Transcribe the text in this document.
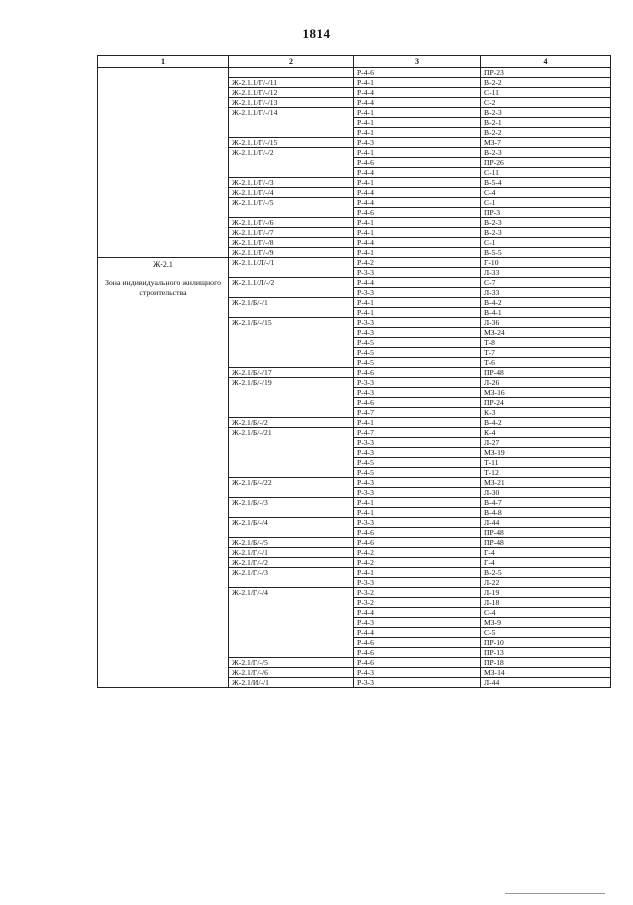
1814
1	2	3	4
		Р-4-6	ПР-23
	Ж-2.1.1/Г/-/11	Р-4-1	В-2-2
	Ж-2.1.1/Г/-/12	Р-4-4	С-11
	Ж-2.1.1/Г/-/13	Р-4-4	С-2
	Ж-2.1.1/Г/-/14	Р-4-1	В-2-3
		Р-4-1	В-2-1
		Р-4-1	В-2-2
	Ж-2.1.1/Г/-/15	Р-4-3	МЗ-7
	Ж-2.1.1/Г/-/2	Р-4-1	В-2-3
		Р-4-6	ПР-26
		Р-4-4	С-11
	Ж-2.1.1/Г/-/3	Р-4-1	В-5-4
	Ж-2.1.1/Г/-/4	Р-4-4	С-4
	Ж-2.1.1/Г/-/5	Р-4-4	С-1
		Р-4-6	ПР-3
	Ж-2.1.1/Г/-/6	Р-4-1	В-2-3
	Ж-2.1.1/Г/-/7	Р-4-1	В-2-3
	Ж-2.1.1/Г/-/8	Р-4-4	С-1
	Ж-2.1.1/Г/-/9	Р-4-1	В-5-5

Ж-2.1
Зона индивидуального жилищного строительства	Ж-2.1.1/Л/-/1	Р-4-2	Г-10
		Р-3-3	Л-33
	Ж-2.1.1/Л/-/2	Р-4-4	С-7
		Р-3-3	Л-33
	Ж-2.1/Б/-/1	Р-4-1	В-4-2
		Р-4-1	В-4-1
	Ж-2.1/Б/-/15	Р-3-3	Л-36
		Р-4-3	МЗ-24
		Р-4-5	Т-8
		Р-4-5	Т-7
		Р-4-5	Т-6
	Ж-2.1/Б/-/17	Р-4-6	ПР-48
	Ж-2.1/Б/-/19	Р-3-3	Л-26
		Р-4-3	МЗ-16
		Р-4-6	ПР-24
		Р-4-7	К-3
	Ж-2.1/Б/-/2	Р-4-1	В-4-2
	Ж-2.1/Б/-/21	Р-4-7	К-4
		Р-3-3	Л-27
		Р-4-3	МЗ-19
		Р-4-5	Т-11
		Р-4-5	Т-12
	Ж-2.1/Б/-/22	Р-4-3	МЗ-21
		Р-3-3	Л-30
	Ж-2.1/Б/-/3	Р-4-1	В-4-7
		Р-4-1	В-4-8
	Ж-2.1/Б/-/4	Р-3-3	Л-44
		Р-4-6	ПР-48
	Ж-2.1/Б/-/5	Р-4-6	ПР-48
	Ж-2.1/Г/-/1	Р-4-2	Г-4
	Ж-2.1/Г/-/2	Р-4-2	Г-4
	Ж-2.1/Г/-/3	Р-4-1	В-2-5
		Р-3-3	Л-22
	Ж-2.1/Г/-/4	Р-3-2	Л-19
		Р-3-2	Л-18
		Р-4-4	С-4
		Р-4-3	МЗ-9
		Р-4-4	С-5
		Р-4-6	ПР-10
		Р-4-6	ПР-13
	Ж-2.1/Г/-/5	Р-4-6	ПР-18
	Ж-2.1/Г/-/6	Р-4-3	МЗ-14
	Ж-2.1/И/-/1	Р-3-3	Л-44
